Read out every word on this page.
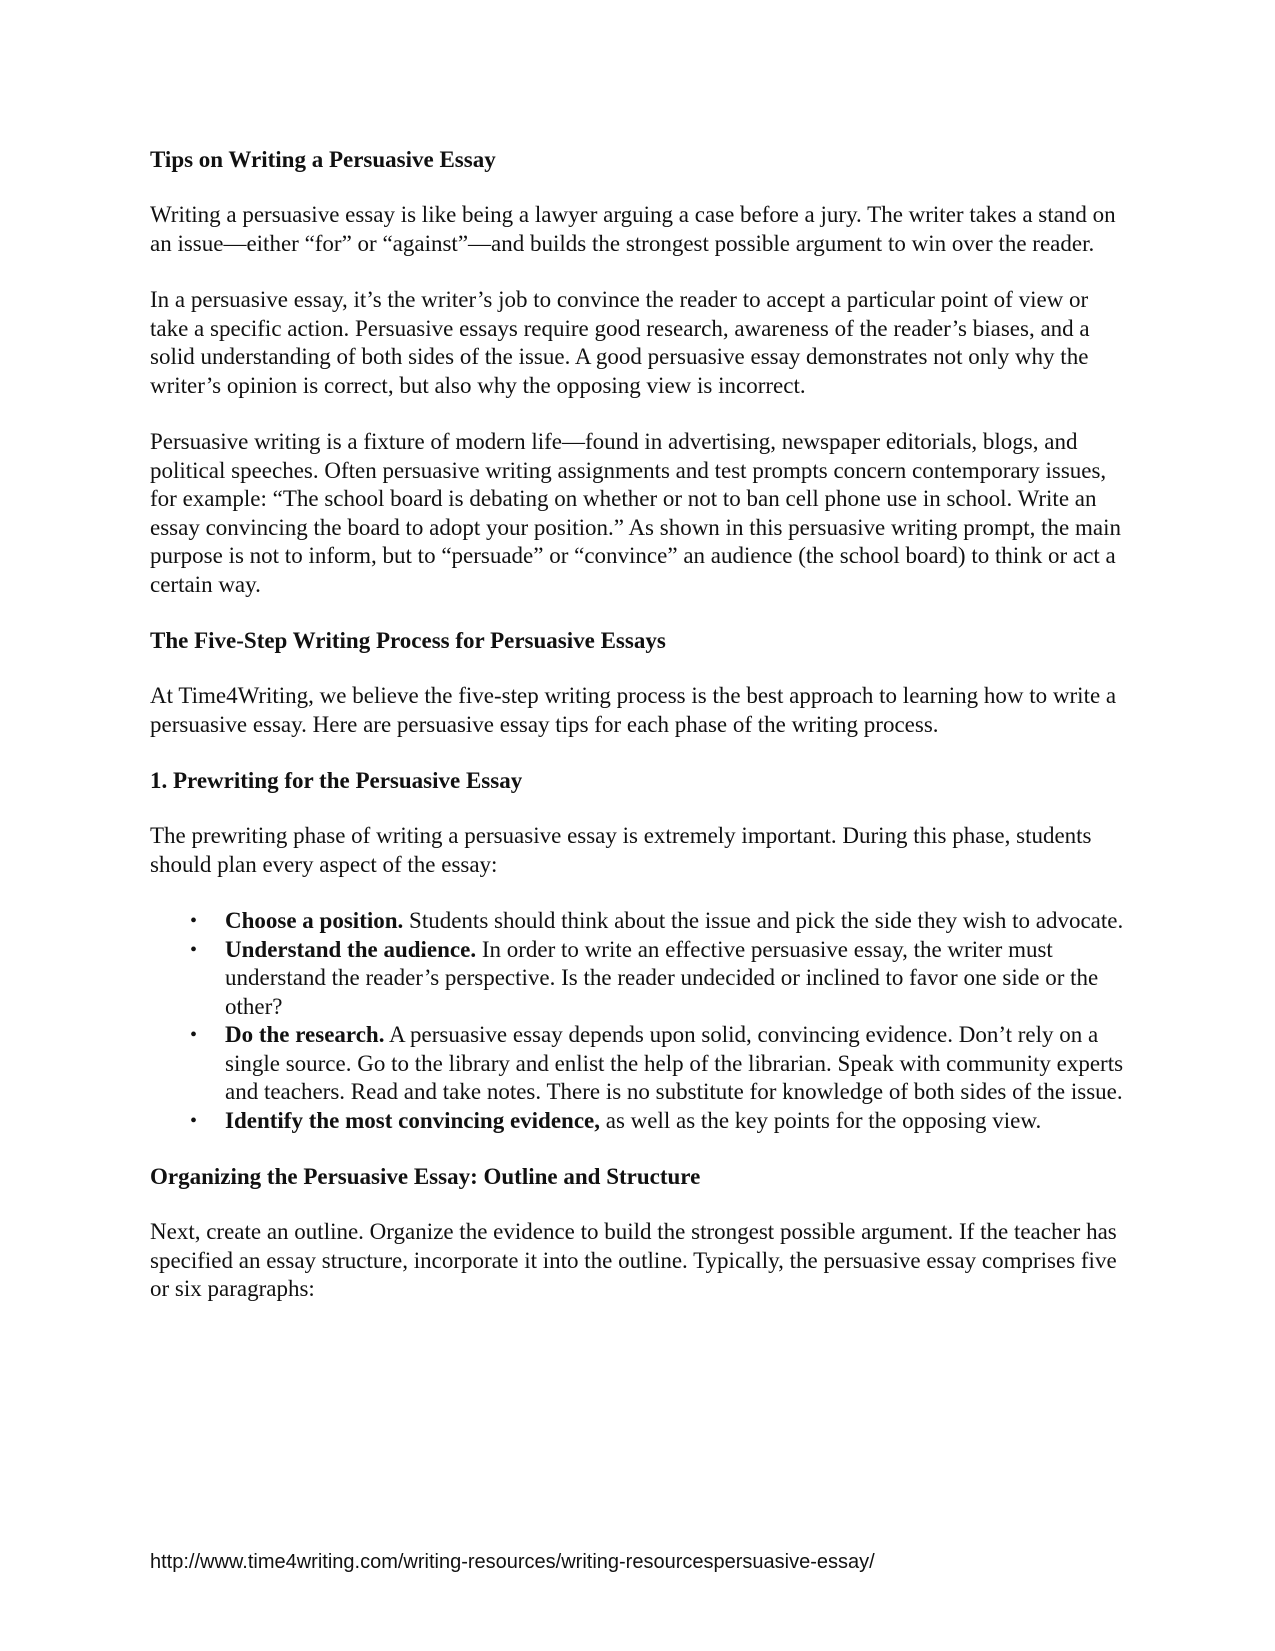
Tips on Writing a Persuasive Essay

Writing a persuasive essay is like being a lawyer arguing a case before a jury. The writer takes a stand on an issue—either “for” or “against”—and builds the strongest possible argument to win over the reader.

In a persuasive essay, it’s the writer’s job to convince the reader to accept a particular point of view or take a specific action. Persuasive essays require good research, awareness of the reader’s biases, and a solid understanding of both sides of the issue. A good persuasive essay demonstrates not only why the writer’s opinion is correct, but also why the opposing view is incorrect.

Persuasive writing is a fixture of modern life—found in advertising, newspaper editorials, blogs, and political speeches. Often persuasive writing assignments and test prompts concern contemporary issues, for example: “The school board is debating on whether or not to ban cell phone use in school. Write an essay convincing the board to adopt your position.” As shown in this persuasive writing prompt, the main purpose is not to inform, but to “persuade” or “convince” an audience (the school board) to think or act a certain way.

The Five-Step Writing Process for Persuasive Essays

At Time4Writing, we believe the five-step writing process is the best approach to learning how to write a persuasive essay. Here are persuasive essay tips for each phase of the writing process.

1. Prewriting for the Persuasive Essay

The prewriting phase of writing a persuasive essay is extremely important. During this phase, students should plan every aspect of the essay:

• Choose a position. Students should think about the issue and pick the side they wish to advocate.
• Understand the audience. In order to write an effective persuasive essay, the writer must understand the reader’s perspective. Is the reader undecided or inclined to favor one side or the other?
• Do the research. A persuasive essay depends upon solid, convincing evidence. Don’t rely on a single source. Go to the library and enlist the help of the librarian. Speak with community experts and teachers. Read and take notes. There is no substitute for knowledge of both sides of the issue.
• Identify the most convincing evidence, as well as the key points for the opposing view.
Organizing the Persuasive Essay: Outline and Structure

Next, create an outline. Organize the evidence to build the strongest possible argument. If the teacher has specified an essay structure, incorporate it into the outline. Typically, the persuasive essay comprises five or six paragraphs:

http://www.time4writing.com/writing-resources/writing-resourcespersuasive-essay/
